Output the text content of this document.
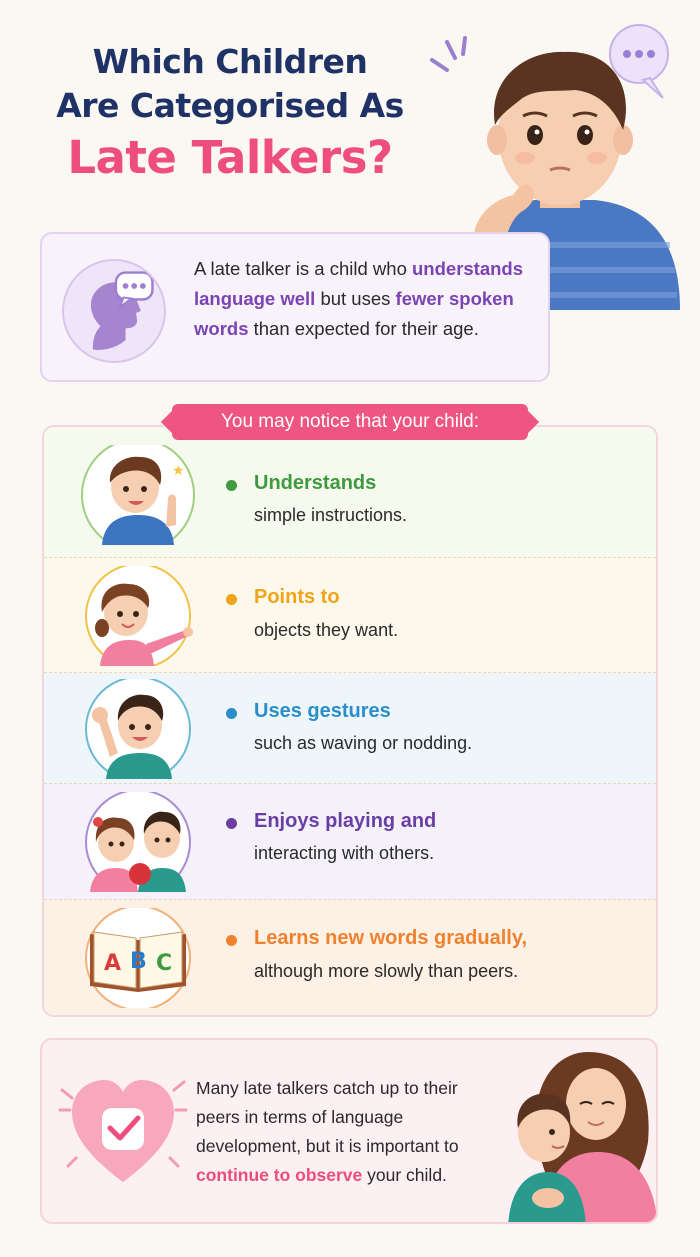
Which Children
Are Categorised As
Late Talkers?

A late talker is a child who understands language well but uses fewer spoken words than expected for their age.

You may notice that your child:
★
Understands
simple instructions.
Points to
objects they want.
Uses gestures
such as waving or nodding.
Enjoys playing and
interacting with others.
A B C
Learns new words gradually,
although more slowly than peers.

Many late talkers catch up to their peers in terms of language development, but it is important to continue to observe your child.
